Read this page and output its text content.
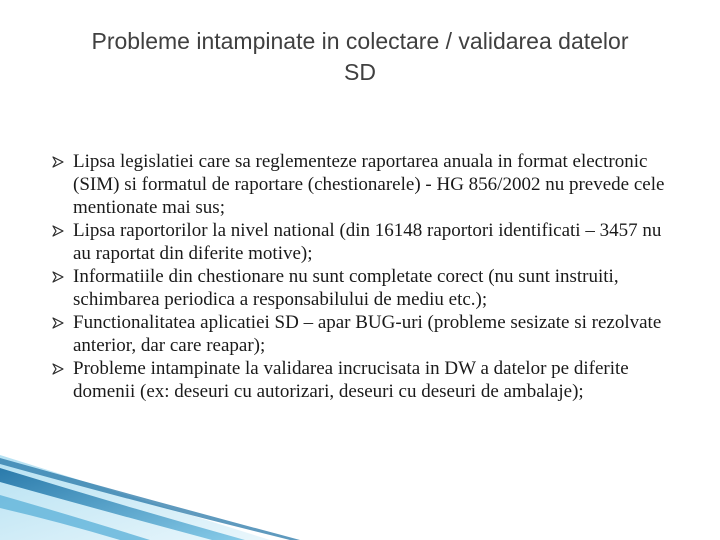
Probleme intampinate in colectare / validarea datelor
SD
Lipsa legislatiei care sa reglementeze raportarea anuala in format electronic (SIM) si formatul de raportare (chestionarele) - HG 856/2002 nu prevede cele mentionate mai sus;
Lipsa raportorilor la nivel national (din 16148 raportori identificati – 3457 nu au raportat din diferite motive);
Informatiile din chestionare nu sunt completate corect (nu sunt instruiti, schimbarea periodica a responsabilului de mediu etc.);
Functionalitatea aplicatiei SD – apar BUG-uri (probleme sesizate si rezolvate anterior, dar care reapar);
Probleme intampinate la validarea incrucisata in DW a datelor pe diferite domenii (ex: deseuri cu autorizari, deseuri cu deseuri de ambalaje);
